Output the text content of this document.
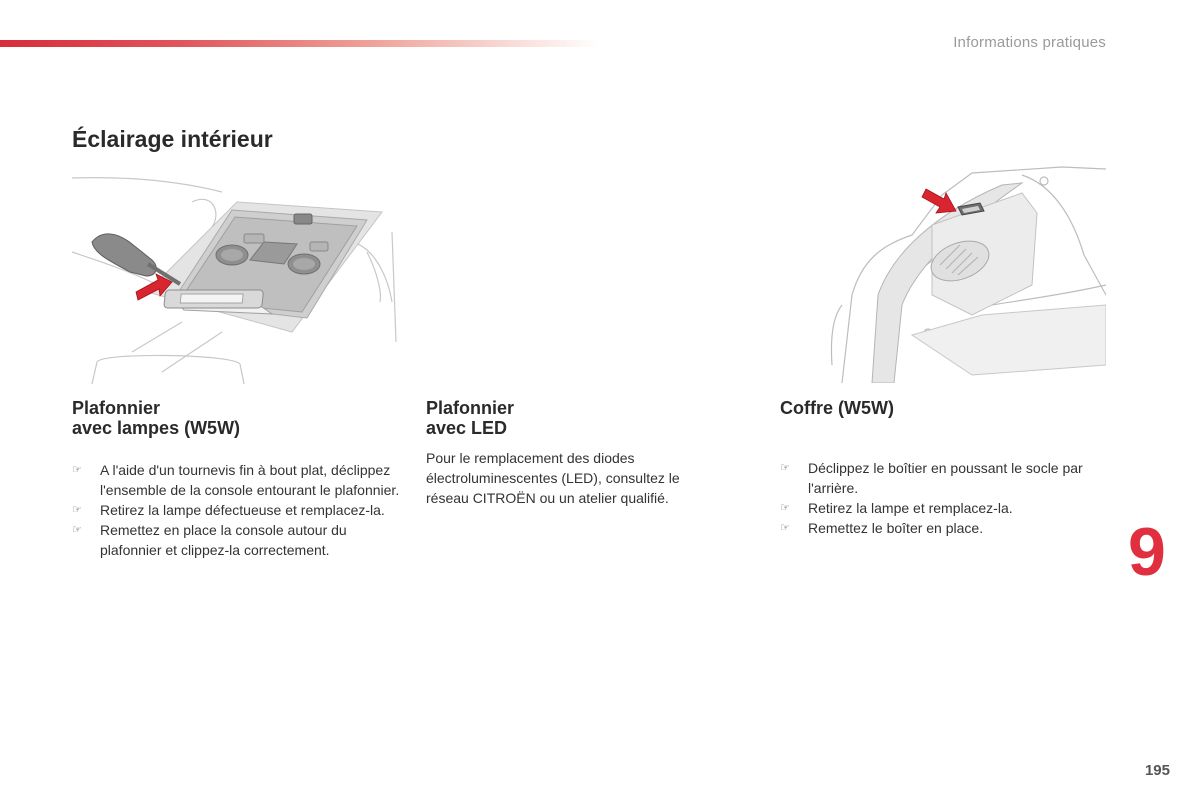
Informations pratiques
Éclairage intérieur
Plafonnier
avec lampes (W5W)
☞ A l'aide d'un tournevis fin à bout plat, déclippez l'ensemble de la console entourant le plafonnier.
☞ Retirez la lampe défectueuse et remplacez-la.
☞ Remettez en place la console autour du plafonnier et clippez-la correctement.
Plafonnier
avec LED

Pour le remplacement des diodes électroluminescentes (LED), consultez le réseau CITROËN ou un atelier qualifié.

Coffre (W5W)
☞ Déclippez le boîtier en poussant le socle par l'arrière.
☞ Retirez la lampe et remplacez-la.
☞ Remettez le boîter en place.	9
195
